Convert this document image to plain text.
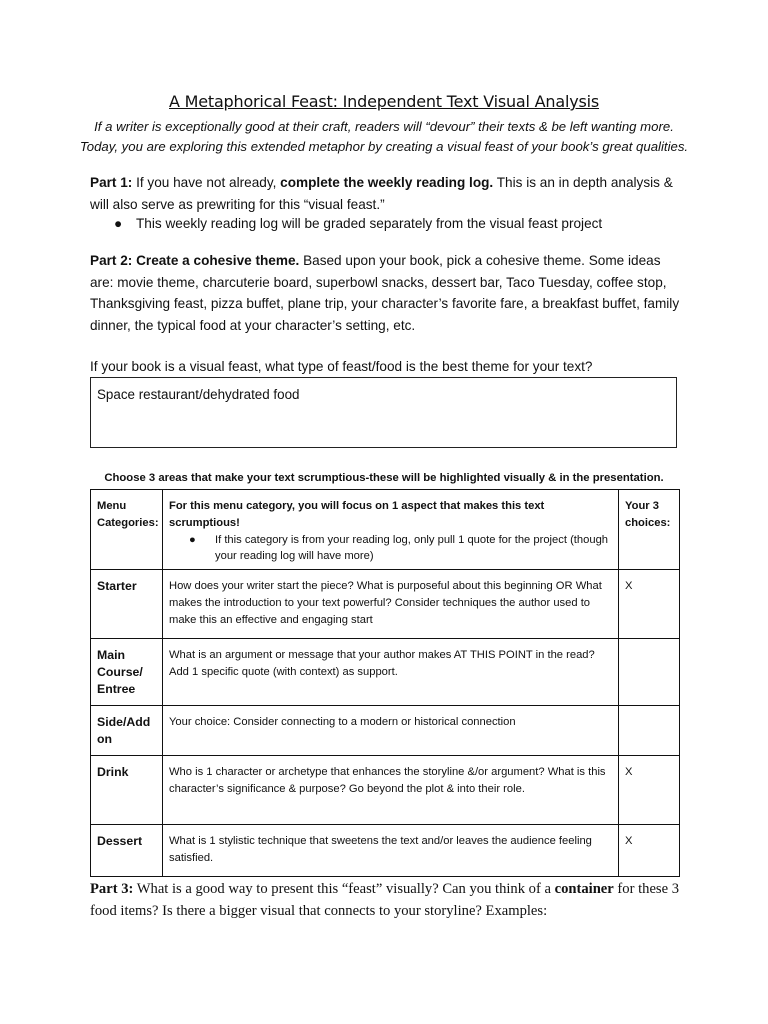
A Metaphorical Feast: Independent Text Visual Analysis
If a writer is exceptionally good at their craft, readers will “devour” their texts & be left wanting more.
Today, you are exploring this extended metaphor by creating a visual feast of your book’s great qualities.
Part 1: If you have not already, complete the weekly reading log. This is an in depth analysis & will also serve as prewriting for this “visual feast.”
● This weekly reading log will be graded separately from the visual feast project
Part 2: Create a cohesive theme. Based upon your book, pick a cohesive theme. Some ideas are: movie theme, charcuterie board, superbowl snacks, dessert bar, Taco Tuesday, coffee stop, Thanksgiving feast, pizza buffet, plane trip, your character’s favorite fare, a breakfast buffet, family dinner, the typical food at your character’s setting, etc.
If your book is a visual feast, what type of feast/food is the best theme for your text?
Space restaurant/dehydrated food
Choose 3 areas that make your text scrumptious-these will be highlighted visually & in the presentation.
Menu Categories:	For this menu category, you will focus on 1 aspect that makes this text scrumptious!
● If this category is from your reading log, only pull 1 quote for the project (though your reading log will have more)	Your 3 choices:
Starter	How does your writer start the piece? What is purposeful about this beginning OR What makes the introduction to your text powerful? Consider techniques the author used to make this an effective and engaging start	X
Main Course/ Entree	What is an argument or message that your author makes AT THIS POINT in the read? Add 1 specific quote (with context) as support.	
Side/Add on	Your choice: Consider connecting to a modern or historical connection	
Drink	Who is 1 character or archetype that enhances the storyline &/or argument? What is this character’s significance & purpose? Go beyond the plot & into their role.	X
Dessert	What is 1 stylistic technique that sweetens the text and/or leaves the audience feeling satisfied.	X
Part 3: What is a good way to present this “feast” visually? Can you think of a container for these 3 food items? Is there a bigger visual that connects to your storyline? Examples:
